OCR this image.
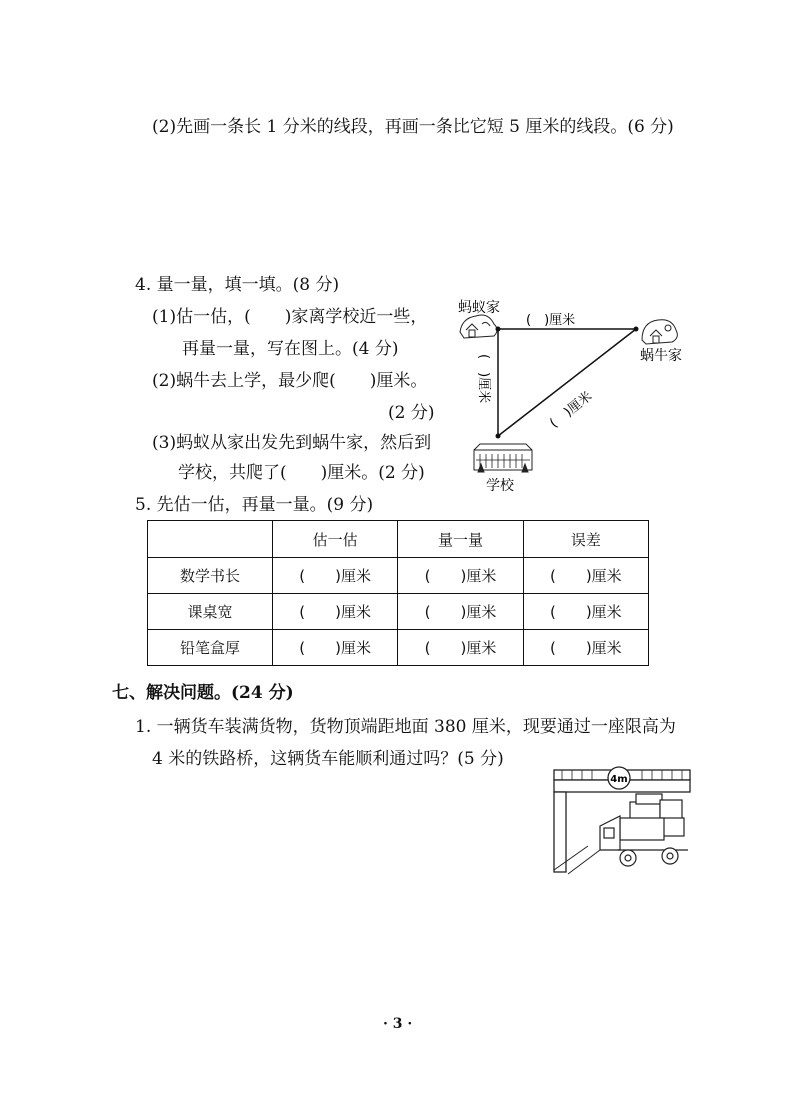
(2)先画一条长 1 分米的线段，再画一条比它短 5 厘米的线段。(6 分)
4. 量一量，填一填。(8 分)
(1)估一估，(　　)家离学校近一些，
再量一量，写在图上。(4 分)
(2)蜗牛去上学，最少爬(　　)厘米。
(2 分)
(3)蚂蚁从家出发先到蜗牛家，然后到
学校，共爬了(　　)厘米。(2 分)
蚂蚁家
蜗牛家
学校
(　)厘米
(　)厘米
(　)厘米
5. 先估一估，再量一量。(9 分)
	估一估	量一量	误差
数学书长	(　　)厘米	(　　)厘米	(　　)厘米
课桌宽	(　　)厘米	(　　)厘米	(　　)厘米
铅笔盒厚	(　　)厘米	(　　)厘米	(　　)厘米
七、解决问题。(24 分)
1. 一辆货车装满货物，货物顶端距地面 380 厘米，现要通过一座限高为
4 米的铁路桥，这辆货车能顺利通过吗？(5 分)
4m
· 3 ·
